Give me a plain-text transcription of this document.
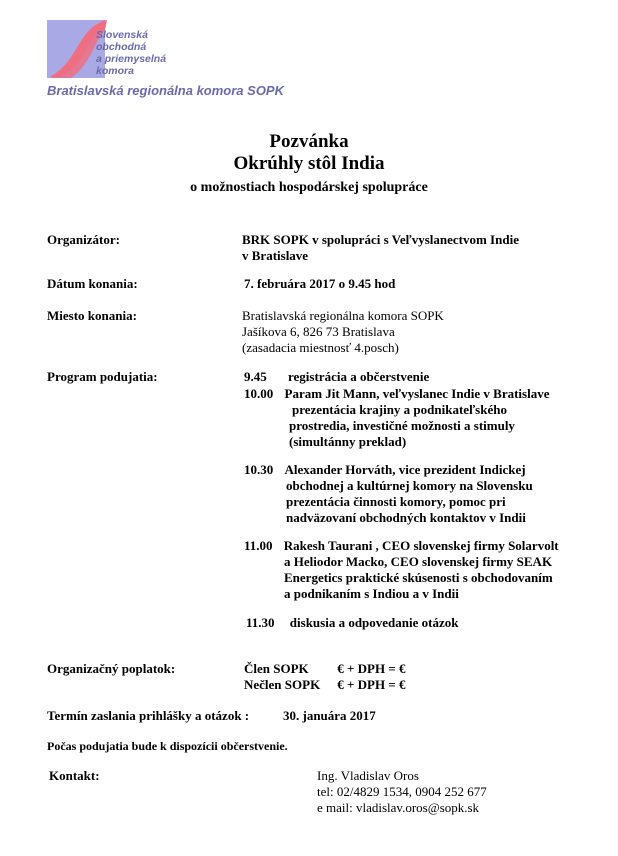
Slovenská
obchodná
a priemyselná
komora
Bratislavská regionálna komora SOPK
Pozvánka
Okrúhly stôl India
o možnostiach hospodárskej spolupráce
Organizátor:	BRK SOPK v spolupráci s Veľvyslanectvom Indie
v Bratislave
Dátum konania:	7. februára 2017 o 9.45 hod
Miesto konania:	Bratislavská regionálna komora SOPK
Jašíkova 6, 826 73 Bratislava
(zasadacia miestnosť 4.posch)
Program podujatia:	9.45 registrácia a občerstvenie
10.00 Param Jit Mann, veľvyslanec Indie v Bratislave
prezentácia krajiny a podnikateľského
prostredia, investičné možnosti a stimuly
(simultánny preklad)
10.30 Alexander Horváth, vice prezident Indickej
obchodnej a kultúrnej komory na Slovensku
prezentácia činnosti komory, pomoc pri
nadväzovaní obchodných kontaktov v Indii
11.00 Rakesh Taurani , CEO slovenskej firmy Solarvolt
a Heliodor Macko, CEO slovenskej firmy SEAK
Energetics praktické skúsenosti s obchodovaním
a podnikaním s Indiou a v Indii
11.30 diskusia a odpovedanie otázok
Organizačný poplatok:	Člen SOPK € + DPH = €
Nečlen SOPK € + DPH = €
Termín zaslania prihlášky a otázok :	30. januára 2017
Počas podujatia bude k dispozícii občerstvenie.
Kontakt:	Ing. Vladislav Oros
tel: 02/4829 1534, 0904 252 677
e mail: vladislav.oros@sopk.sk
